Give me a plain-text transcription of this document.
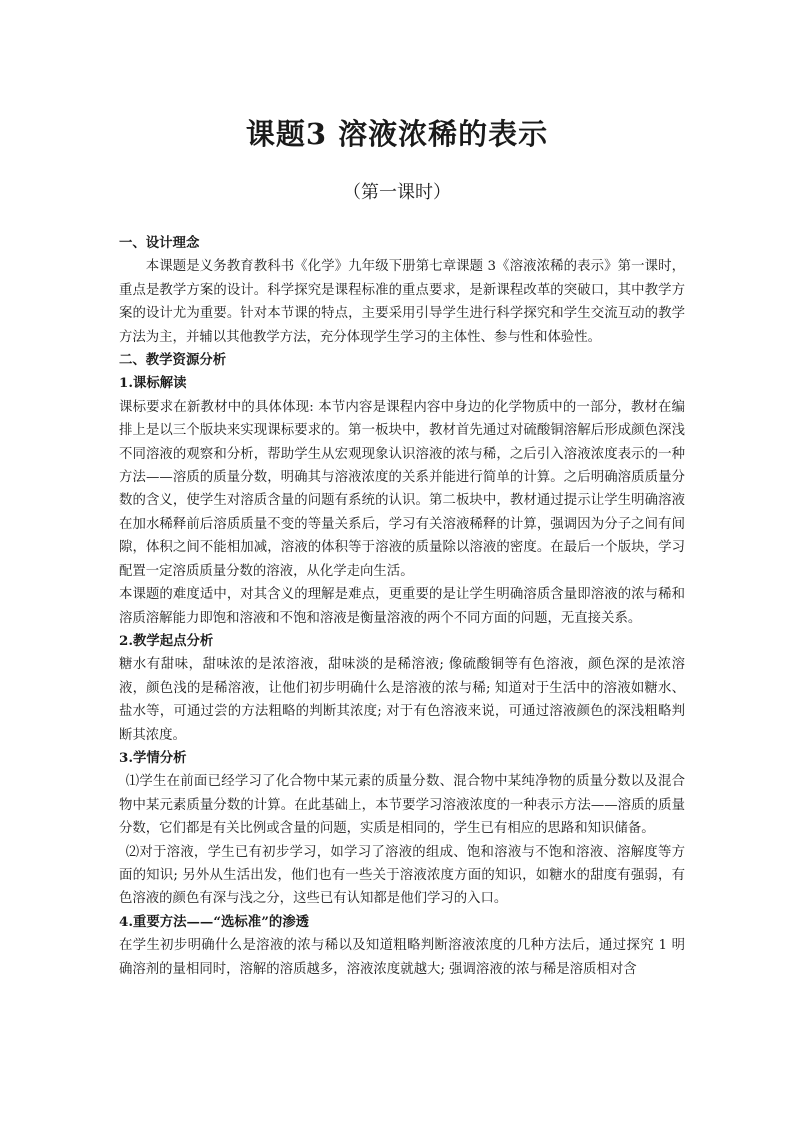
课题3 溶液浓稀的表示

（第一课时）

一、设计理念

本课题是义务教育教科书《化学》九年级下册第七章课题 3《溶液浓稀的表示》第一课时，重点是教学方案的设计。科学探究是课程标准的重点要求，是新课程改革的突破口，其中教学方案的设计尤为重要。针对本节课的特点，主要采用引导学生进行科学探究和学生交流互动的教学方法为主，并辅以其他教学方法，充分体现学生学习的主体性、参与性和体验性。

二、教学资源分析

1.课标解读

课标要求在新教材中的具体体现: 本节内容是课程内容中身边的化学物质中的一部分，教材在编排上是以三个版块来实现课标要求的。第一板块中，教材首先通过对硫酸铜溶解后形成颜色深浅不同溶液的观察和分析，帮助学生从宏观现象认识溶液的浓与稀，之后引入溶液浓度表示的一种方法——溶质的质量分数，明确其与溶液浓度的关系并能进行简单的计算。之后明确溶质质量分数的含义，使学生对溶质含量的问题有系统的认识。第二板块中，教材通过提示让学生明确溶液在加水稀释前后溶质质量不变的等量关系后，学习有关溶液稀释的计算，强调因为分子之间有间隙，体积之间不能相加减，溶液的体积等于溶液的质量除以溶液的密度。在最后一个版块，学习配置一定溶质质量分数的溶液，从化学走向生活。

本课题的难度适中，对其含义的理解是难点，更重要的是让学生明确溶质含量即溶液的浓与稀和溶质溶解能力即饱和溶液和不饱和溶液是衡量溶液的两个不同方面的问题，无直接关系。

2.教学起点分析

糖水有甜味，甜味浓的是浓溶液，甜味淡的是稀溶液; 像硫酸铜等有色溶液，颜色深的是浓溶液，颜色浅的是稀溶液，让他们初步明确什么是溶液的浓与稀; 知道对于生活中的溶液如糖水、盐水等，可通过尝的方法粗略的判断其浓度; 对于有色溶液来说，可通过溶液颜色的深浅粗略判断其浓度。

3.学情分析

⑴学生在前面已经学习了化合物中某元素的质量分数、混合物中某纯净物的质量分数以及混合物中某元素质量分数的计算。在此基础上，本节要学习溶液浓度的一种表示方法——溶质的质量分数，它们都是有关比例或含量的问题，实质是相同的，学生已有相应的思路和知识储备。

⑵对于溶液，学生已有初步学习，如学习了溶液的组成、饱和溶液与不饱和溶液、溶解度等方面的知识; 另外从生活出发，他们也有一些关于溶液浓度方面的知识，如糖水的甜度有强弱，有色溶液的颜色有深与浅之分，这些已有认知都是他们学习的入口。

4.重要方法——“选标准”的渗透

在学生初步明确什么是溶液的浓与稀以及知道粗略判断溶液浓度的几种方法后，通过探究 1 明确溶剂的量相同时，溶解的溶质越多，溶液浓度就越大; 强调溶液的浓与稀是溶质相对含
